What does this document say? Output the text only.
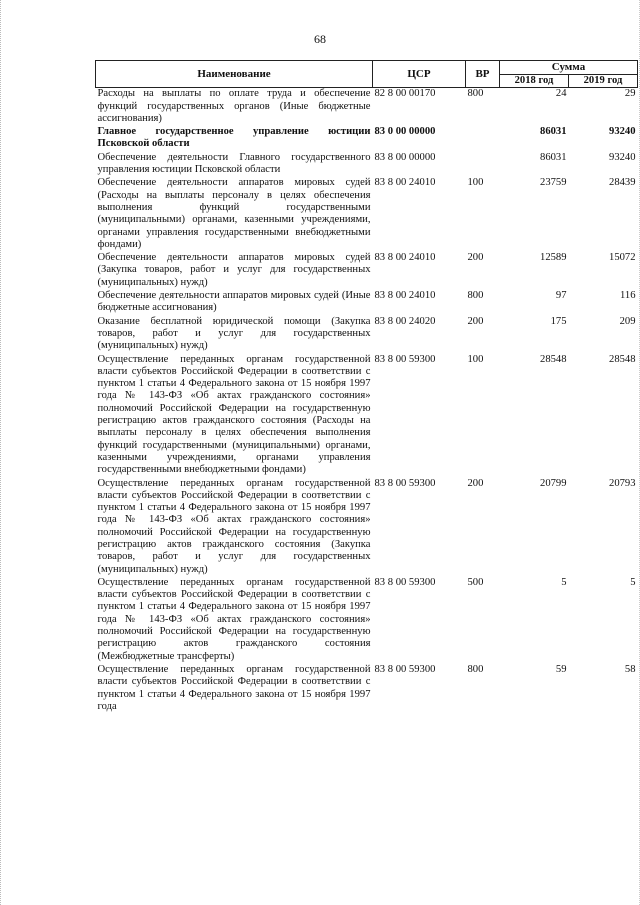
68
Наименование	ЦСР	ВР	Сумма	
			2018 год	2019 год
Расходы на выплаты по оплате труда и обеспечение функций государственных органов (Иные бюджетные ассигнования)	82 8 00 00170	800	24	29
Главное государственное управление юстиции Псковской области	83 0 00 00000		86031	93240
Обеспечение деятельности Главного государственного управления юстиции Псковской области	83 8 00 00000		86031	93240
Обеспечение деятельности аппаратов мировых судей (Расходы на выплаты персоналу в целях обеспечения выполнения функций государственными (муниципальными) органами, казенными учреждениями, органами управления государственными внебюджетными фондами)	83 8 00 24010	100	23759	28439
Обеспечение деятельности аппаратов мировых судей (Закупка товаров, работ и услуг для государственных (муниципальных) нужд)	83 8 00 24010	200	12589	15072
Обеспечение деятельности аппаратов мировых судей (Иные бюджетные ассигнования)	83 8 00 24010	800	97	116
Оказание бесплатной юридической помощи (Закупка товаров, работ и услуг для государственных (муниципальных) нужд)	83 8 00 24020	200	175	209
Осуществление переданных органам государственной власти субъектов Российской Федерации в соответствии с пунктом 1 статьи 4 Федерального закона от 15 ноября 1997 года № 143-ФЗ «Об актах гражданского состояния» полномочий Российской Федерации на государственную регистрацию актов гражданского состояния (Расходы на выплаты персоналу в целях обеспечения выполнения функций государственными (муниципальными) органами, казенными учреждениями, органами управления государственными внебюджетными фондами)	83 8 00 59300	100	28548	28548
Осуществление переданных органам государственной власти субъектов Российской Федерации в соответствии с пунктом 1 статьи 4 Федерального закона от 15 ноября 1997 года № 143-ФЗ «Об актах гражданского состояния» полномочий Российской Федерации на государственную регистрацию актов гражданского состояния (Закупка товаров, работ и услуг для государственных (муниципальных) нужд)	83 8 00 59300	200	20799	20793
Осуществление переданных органам государственной власти субъектов Российской Федерации в соответствии с пунктом 1 статьи 4 Федерального закона от 15 ноября 1997 года № 143-ФЗ «Об актах гражданского состояния» полномочий Российской Федерации на государственную регистрацию актов гражданского состояния (Межбюджетные трансферты)	83 8 00 59300	500	5	5
Осуществление переданных органам государственной власти субъектов Российской Федерации в соответствии с пунктом 1 статьи 4 Федерального закона от 15 ноября 1997 года	83 8 00 59300	800	59	58
